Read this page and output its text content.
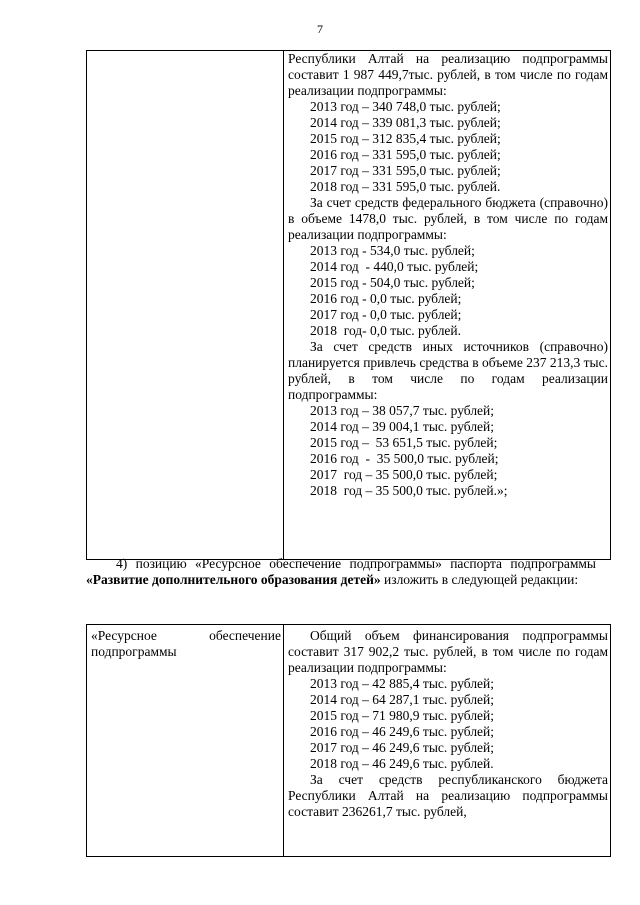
7

Республики Алтай на реализацию подпрограммы составит 1 987 449,7тыс. рублей, в том числе по годам реализации подпрограммы:
2013 год – 340 748,0 тыс. рублей;
2014 год – 339 081,3 тыс. рублей;
2015 год – 312 835,4 тыс. рублей;
2016 год – 331 595,0 тыс. рублей;
2017 год – 331 595,0 тыс. рублей;
2018 год – 331 595,0 тыс. рублей.
За счет средств федерального бюджета (справочно) в объеме 1478,0 тыс. рублей, в том числе по годам реализации подпрограммы:
2013 год - 534,0 тыс. рублей;
2014 год  - 440,0 тыс. рублей;
2015 год - 504,0 тыс. рублей;
2016 год - 0,0 тыс. рублей;
2017 год - 0,0 тыс. рублей;
2018  год- 0,0 тыс. рублей.
За счет средств иных источников (справочно) планируется привлечь средства в объеме 237 213,3 тыс. рублей, в том числе по годам реализации подпрограммы:
2013 год – 38 057,7 тыс. рублей;
2014 год – 39 004,1 тыс. рублей;
2015 год –  53 651,5 тыс. рублей;
2016 год  -  35 500,0 тыс. рублей;
2017  год – 35 500,0 тыс. рублей;
2018  год – 35 500,0 тыс. рублей.»;
4) позицию «Ресурсное обеспечение подпрограммы» паспорта подпрограммы «Развитие дополнительного образования детей» изложить в следующей редакции:
«Ресурсное обеспечение подпрограммы	
Общий объем финансирования подпрограммы составит 317 902,2 тыс. рублей, в том числе по годам реализации подпрограммы:
2013 год – 42 885,4 тыс. рублей;
2014 год – 64 287,1 тыс. рублей;
2015 год – 71 980,9 тыс. рублей;
2016 год – 46 249,6 тыс. рублей;
2017 год – 46 249,6 тыс. рублей;
2018 год – 46 249,6 тыс. рублей.
За счет средств республиканского бюджета Республики Алтай на реализацию подпрограммы составит 236261,7 тыс. рублей,
